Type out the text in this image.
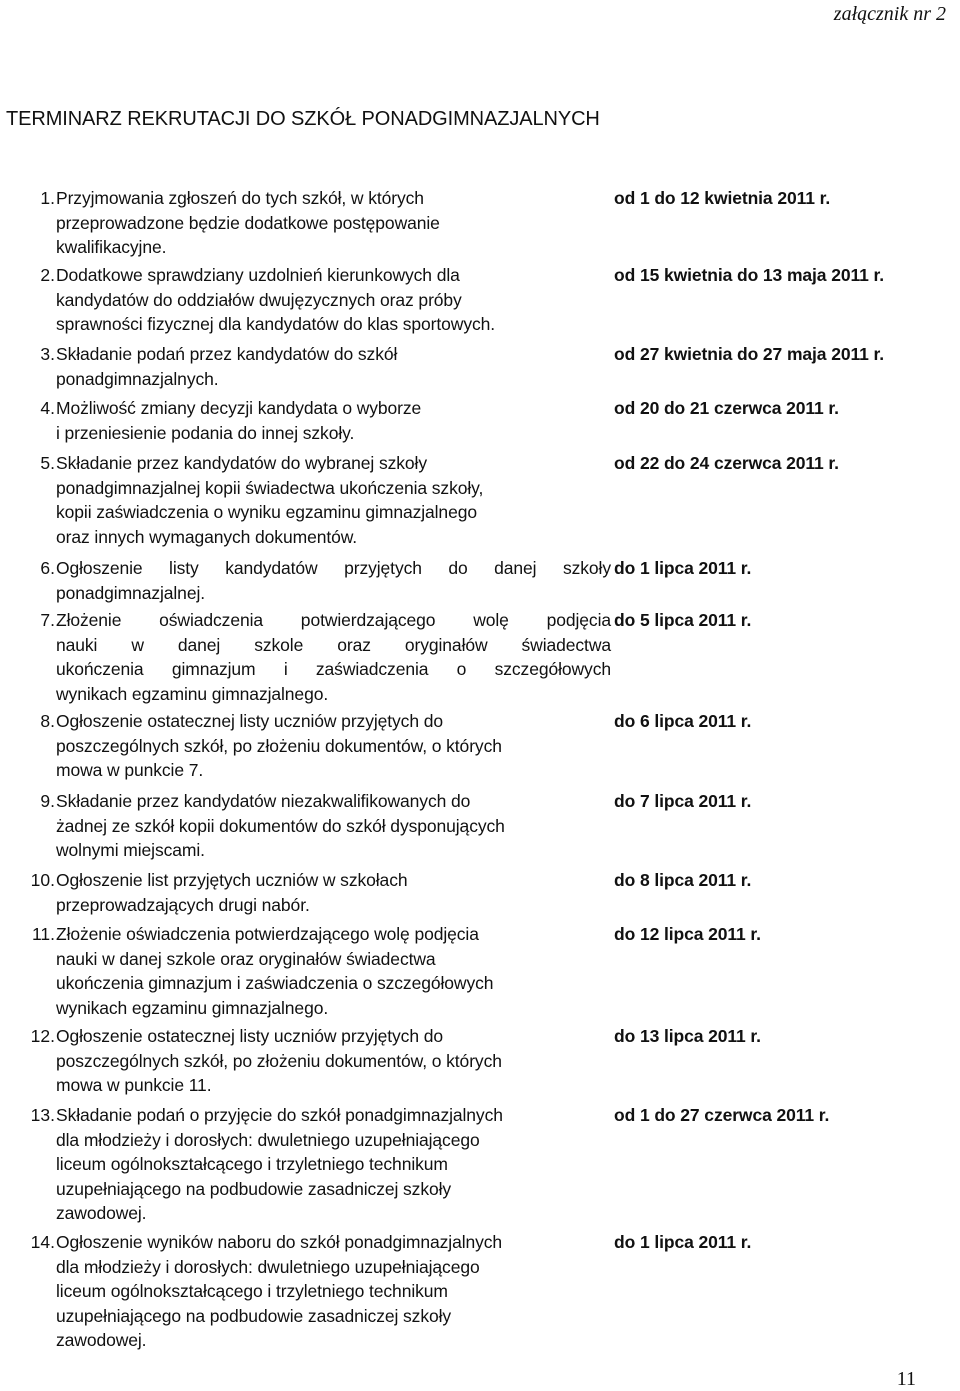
załącznik nr 2
TERMINARZ REKRUTACJI DO SZKÓŁ PONADGIMNAZJALNYCH
1. Przyjmowania zgłoszeń do tych szkół, w których
przeprowadzone będzie dodatkowe postępowanie
kwalifikacyjne.
od 1 do 12 kwietnia 2011 r.
2. Dodatkowe sprawdziany uzdolnień kierunkowych dla
kandydatów do oddziałów dwujęzycznych oraz próby
sprawności fizycznej dla kandydatów do klas sportowych.
od 15 kwietnia do 13 maja 2011 r.
3. Składanie podań przez kandydatów do szkół
ponadgimnazjalnych.
od 27 kwietnia do 27 maja 2011 r.
4. Możliwość zmiany decyzji kandydata o wyborze
i przeniesienie podania do innej szkoły.
od 20 do 21 czerwca 2011 r.
5. Składanie przez kandydatów do wybranej szkoły
ponadgimnazjalnej kopii świadectwa ukończenia szkoły,
kopii zaświadczenia o wyniku egzaminu gimnazjalnego
oraz innych wymaganych dokumentów.
od 22 do 24 czerwca 2011 r.
6. Ogłoszenie listy kandydatów przyjętych do danej szkoły
ponadgimnazjalnej.
do 1 lipca 2011 r.
7. Złożenie oświadczenia potwierdzającego wolę podjęcia
nauki w danej szkole oraz oryginałów świadectwa
ukończenia gimnazjum i zaświadczenia o szczegółowych
wynikach egzaminu gimnazjalnego.
do 5 lipca 2011 r.
8. Ogłoszenie ostatecznej listy uczniów przyjętych do
poszczególnych szkół, po złożeniu dokumentów, o których
mowa w punkcie 7.
do 6 lipca 2011 r.
9. Składanie przez kandydatów niezakwalifikowanych do
żadnej ze szkół kopii dokumentów do szkół dysponujących
wolnymi miejscami.
do 7 lipca 2011 r.
10. Ogłoszenie list przyjętych uczniów w szkołach
przeprowadzających drugi nabór.
do 8 lipca 2011 r.
11. Złożenie oświadczenia potwierdzającego wolę podjęcia
nauki w danej szkole oraz oryginałów świadectwa
ukończenia gimnazjum i zaświadczenia o szczegółowych
wynikach egzaminu gimnazjalnego.
do 12 lipca 2011 r.
12. Ogłoszenie ostatecznej listy uczniów przyjętych do
poszczególnych szkół, po złożeniu dokumentów, o których
mowa w punkcie 11.
do 13 lipca 2011 r.
13. Składanie podań o przyjęcie do szkół ponadgimnazjalnych
dla młodzieży i dorosłych: dwuletniego uzupełniającego
liceum ogólnokształcącego i trzyletniego technikum
uzupełniającego na podbudowie zasadniczej szkoły
zawodowej.
od 1 do 27 czerwca 2011 r.
14. Ogłoszenie wyników naboru do szkół ponadgimnazjalnych
dla młodzieży i dorosłych: dwuletniego uzupełniającego
liceum ogólnokształcącego i trzyletniego technikum
uzupełniającego na podbudowie zasadniczej szkoły
zawodowej.
do 1 lipca 2011 r.
11
